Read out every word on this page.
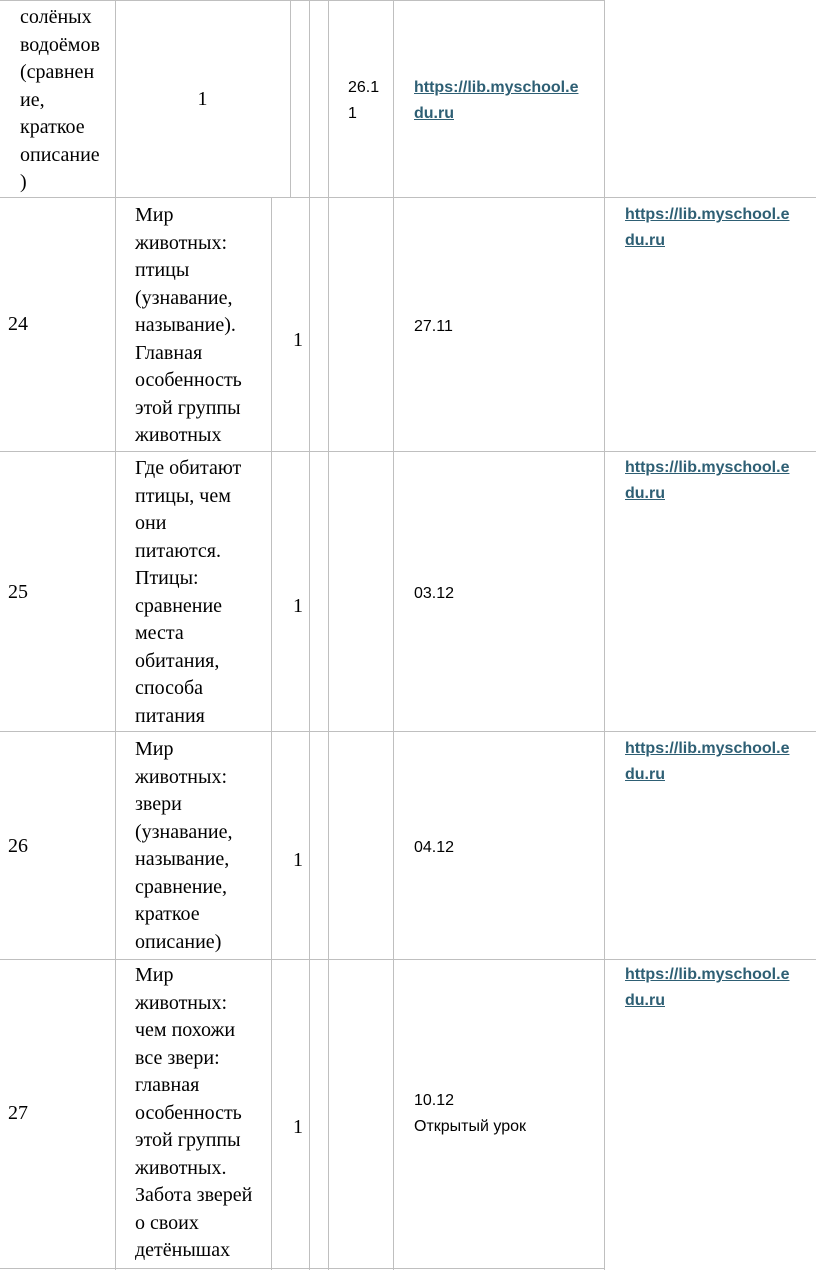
солёных
водоёмов
(сравнен
ие,
краткое
описание
)
1
26.1
1
https://lib.myschool.e
du.ru
24
Мир
животных:
птицы
(узнавание,
называние).
Главная
особенность
этой группы
животных
1
27.11
https://lib.myschool.e
du.ru
25
Где обитают
птицы, чем
они
питаются.
Птицы:
сравнение
места
обитания,
способа
питания
1
03.12
https://lib.myschool.e
du.ru
26
Мир
животных:
звери
(узнавание,
называние,
сравнение,
краткое
описание)
1
04.12
https://lib.myschool.e
du.ru
27
Мир
животных:
чем похожи
все звери:
главная
особенность
этой группы
животных.
Забота зверей
о своих
детёнышах
1
10.12
Открытый урок
https://lib.myschool.e
du.ru
